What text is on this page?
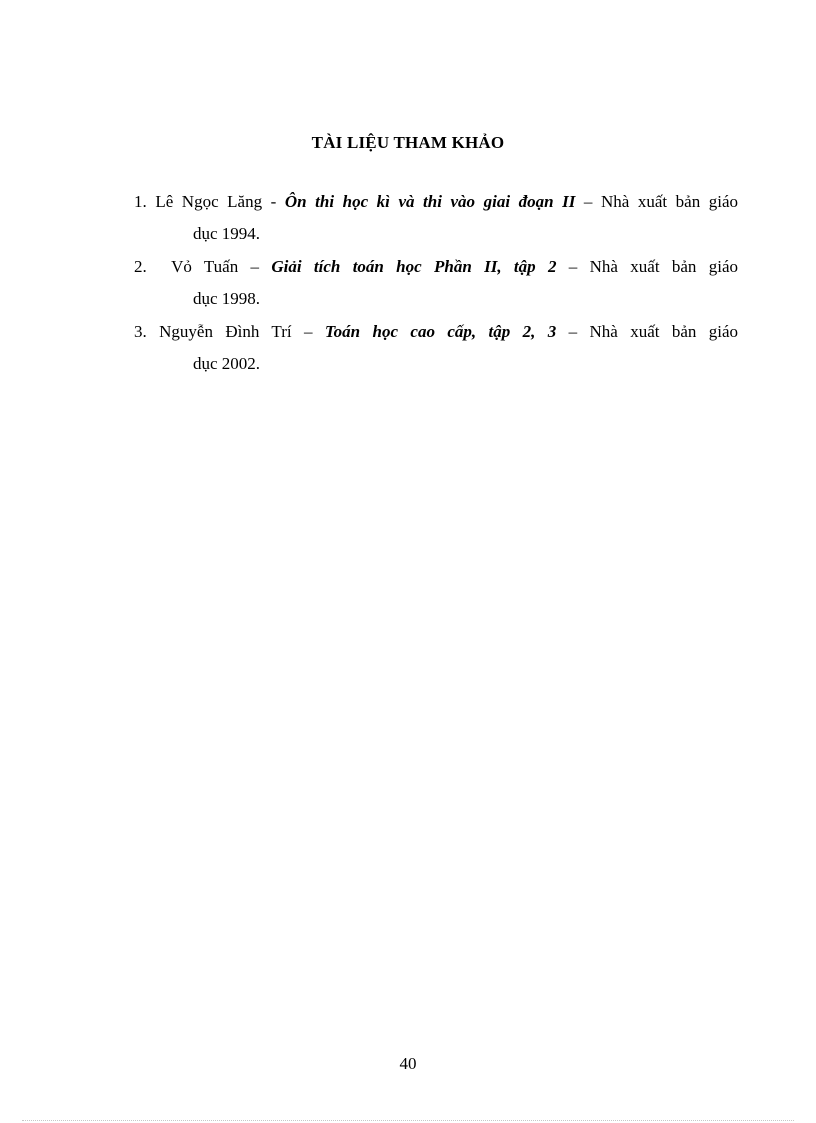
TÀI LIỆU THAM KHẢO
1. Lê Ngọc Lăng - Ôn thi học kì và thi vào giai đoạn II – Nhà xuất bản giáo
dục 1994.
2. Vỏ Tuấn – Giải tích toán học Phần II, tập 2 – Nhà xuất bản giáo
dục 1998.
3. Nguyễn Đình Trí – Toán học cao cấp, tập 2, 3 – Nhà xuất bản giáo
dục 2002.
40
